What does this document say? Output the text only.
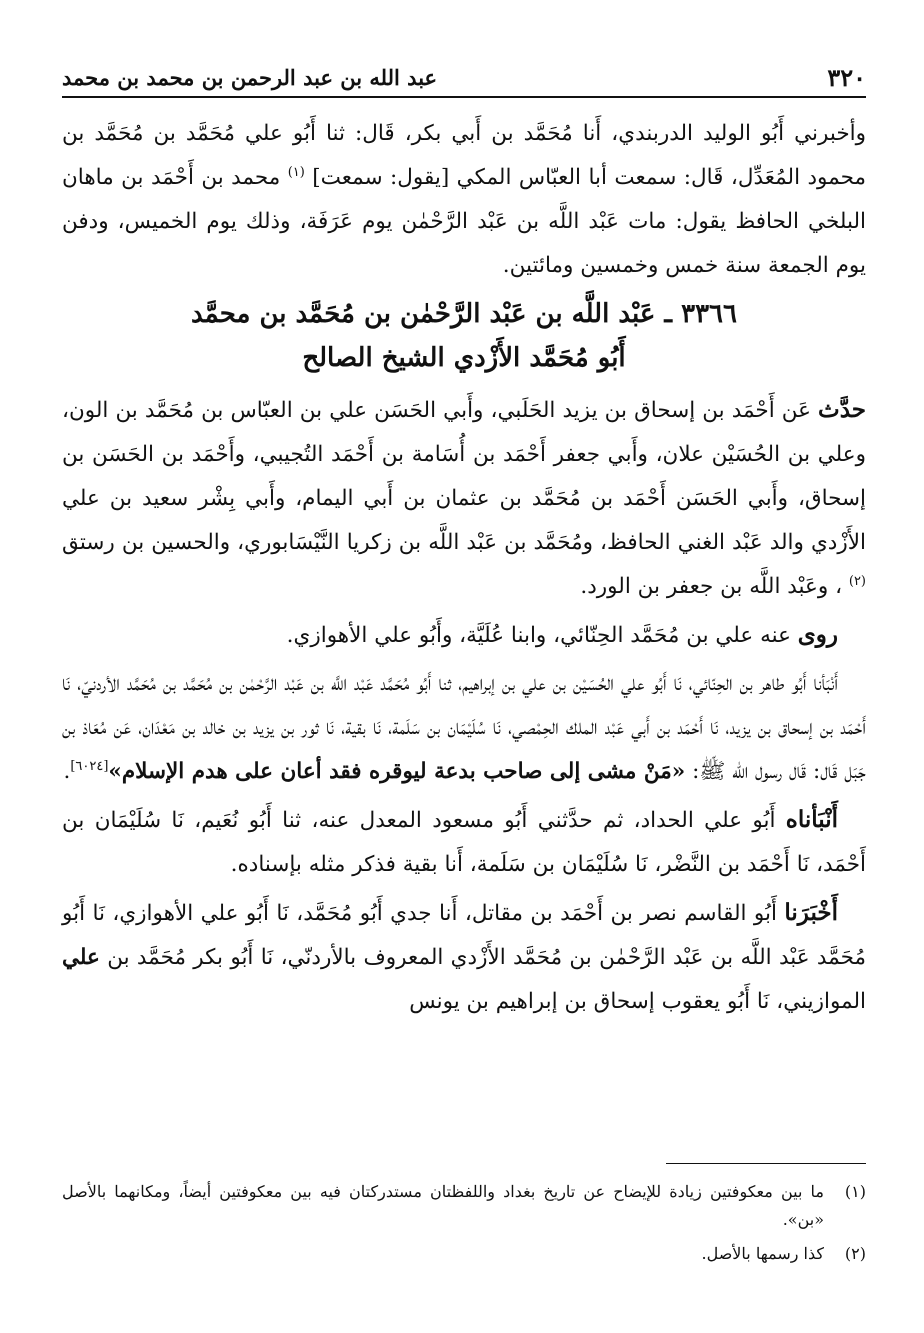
٣٢٠
عبد الله بن عبد الرحمن بن محمد بن محمد

وأخبرني أَبُو الوليد الدربندي، أَنا مُحَمَّد بن أَبي بكر، قَال: ثنا أَبُو علي مُحَمَّد بن مُحَمَّد بن محمود المُعَدِّل، قَال: سمعت أبا العبّاس المكي [يقول: سمعت] $^{(١)}$ محمد بن أَحْمَد بن ماهان البلخي الحافظ يقول: مات عَبْد اللَّه بن عَبْد الرَّحْمٰن يوم عَرَفَة، وذلك يوم الخميس، ودفن يوم الجمعة سنة خمس وخمسين ومائتين.

٣٣٦٦ ـ عَبْد اللَّه بن عَبْد الرَّحْمٰن بن مُحَمَّد بن محمَّد
أَبُو مُحَمَّد الأَزْدي الشيخ الصالح

حدَّث عَن أَحْمَد بن إسحاق بن يزيد الحَلَبي، وأَبي الحَسَن علي بن العبّاس بن مُحَمَّد بن الون، وعلي بن الحُسَيْن علان، وأَبي جعفر أَحْمَد بن أُسَامة بن أَحْمَد التُجيبي، وأَحْمَد بن الحَسَن بن إسحاق، وأَبي الحَسَن أَحْمَد بن مُحَمَّد بن عثمان بن أَبي اليمام، وأَبي بِشْر سعيد بن علي الأَزْدي والد عَبْد الغني الحافظ، ومُحَمَّد بن عَبْد اللَّه بن زكريا النَّيْسَابوري، والحسين بن رستق $^{(٢)}$ ، وعَبْد اللَّه بن جعفر بن الورد.

روى عنه علي بن مُحَمَّد الحِنّائي، وابنا عُلَيَّة، وأَبُو علي الأهوازي.

أَنْبَأنا أَبُو طاهر بن الحِنّائي، نَا أَبُو علي الحُسَيْن بن علي بن إبراهيم، ثنا أَبُو مُحَمَّد عَبْد اللَّه بن عَبْد الرَّحْمٰن بن مُحَمَّد بن مُحَمَّد الأردنيّ، نَا أَحْمَد بن إسحاق بن يزيد، نَا أَحْمَد بن أَبي عَبْد الملك الحِمْصي، نَا سُلَيْمَان بن سَلَمة، نَا بقية، نَا ثور بن يزيد بن خالد بن مَعْدَان، عَن مُعَاذ بن جَبَل قَال: قَال رسول الله ﷺ: «مَنْ مشى إلى صاحب بدعة ليوقره فقد أعان على هدم الإسلام»[٦٠٢٤].

أَنْبَأناه أَبُو علي الحداد، ثم حدَّثني أَبُو مسعود المعدل عنه، ثنا أَبُو نُعَيم، نَا سُلَيْمَان بن أَحْمَد، نَا أَحْمَد بن النَّضْر، نَا سُلَيْمَان بن سَلَمة، أَنا بقية فذكر مثله بإسناده.

أَخْبَرَنا أَبُو القاسم نصر بن أَحْمَد بن مقاتل، أَنا جدي أَبُو مُحَمَّد، نَا أَبُو علي الأهوازي، نَا أَبُو مُحَمَّد عَبْد اللَّه بن عَبْد الرَّحْمٰن بن مُحَمَّد الأَزْدي المعروف بالأردنّي، نَا أَبُو بكر مُحَمَّد بن علي الموازيني، نَا أَبُو يعقوب إسحاق بن إبراهيم بن يونس

(١)
ما بين معكوفتين زيادة للإيضاح عن تاريخ بغداد واللفظتان مستدركتان فيه بين معكوفتين أيضاً، ومكانهما بالأصل «بن».
(٢)
كذا رسمها بالأصل.
